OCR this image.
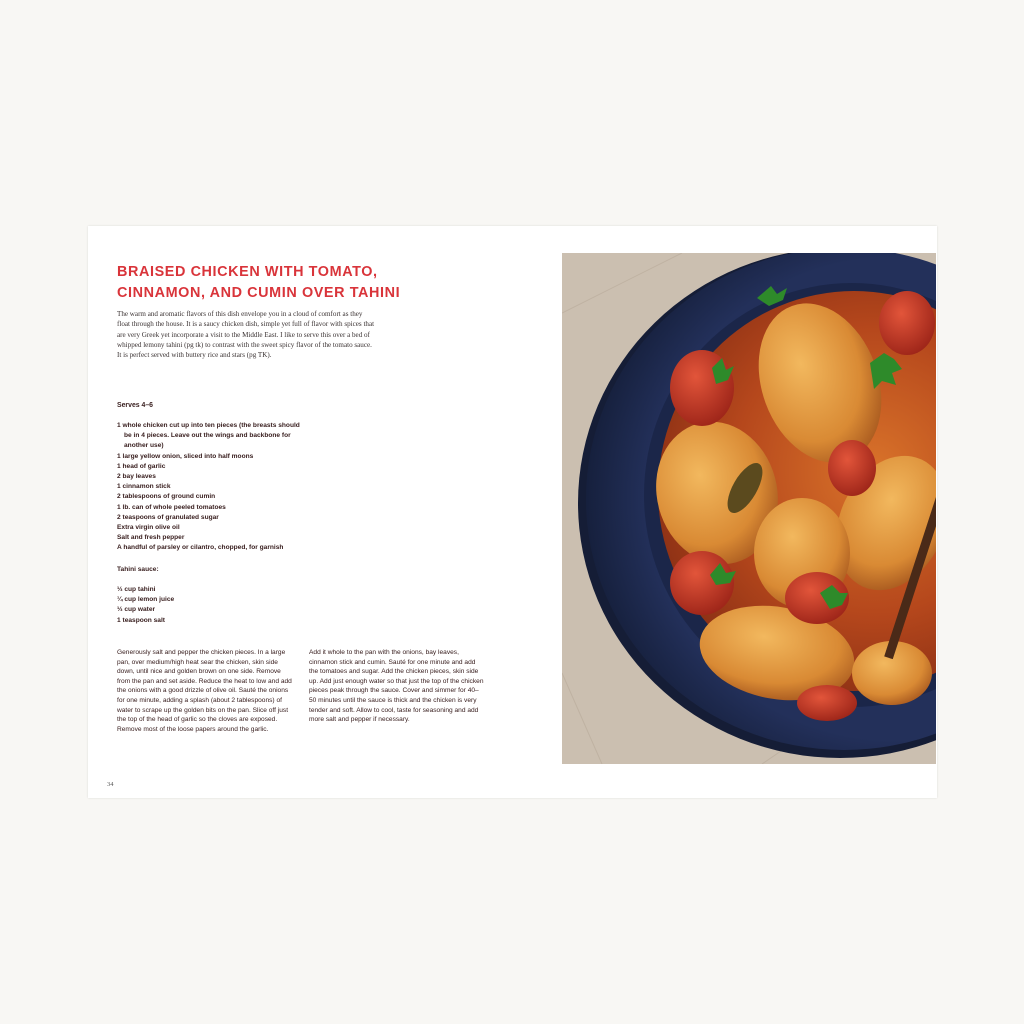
BRAISED CHICKEN WITH TOMATO,
CINNAMON, AND CUMIN OVER TAHINI

The warm and aromatic flavors of this dish envelope you in a cloud of comfort as they float through the house. It is a saucy chicken dish, simple yet full of flavor with spices that are very Greek yet incorporate a visit to the Middle East. I like to serve this over a bed of whipped lemony tahini (pg tk) to contrast with the sweet spicy flavor of the tomato sauce. It is perfect served with buttery rice and stars (pg TK).

Serves 4–6

1 whole chicken cut up into ten pieces (the breasts should be in 4 pieces. Leave out the wings and backbone for another use)
1 large yellow onion, sliced into half moons
1 head of garlic
2 bay leaves
1 cinnamon stick
2 tablespoons of ground cumin
1 lb. can of whole peeled tomatoes
2 teaspoons of granulated sugar
Extra virgin olive oil
Salt and fresh pepper
A handful of parsley or cilantro, chopped, for garnish

Tahini sauce:

⅓ cup tahini
¼ cup lemon juice
⅓ cup water
1 teaspoon salt

Generously salt and pepper the chicken pieces. In a large pan, over medium/high heat sear the chicken, skin side down, until nice and golden brown on one side. Remove from the pan and set aside. Reduce the heat to low and add the onions with a good drizzle of olive oil. Sauté the onions for one minute, adding a splash (about 2 tablespoons) of water to scrape up the golden bits on the pan. Slice off just the top of the head of garlic so the cloves are exposed. Remove most of the loose papers around the garlic.

Add it whole to the pan with the onions, bay leaves, cinnamon stick and cumin. Sauté for one minute and add the tomatoes and sugar. Add the chicken pieces, skin side up. Add just enough water so that just the top of the chicken pieces peak through the sauce. Cover and simmer for 40–50 minutes until the sauce is thick and the chicken is very tender and soft. Allow to cool, taste for seasoning and add more salt and pepper if necessary.

34
